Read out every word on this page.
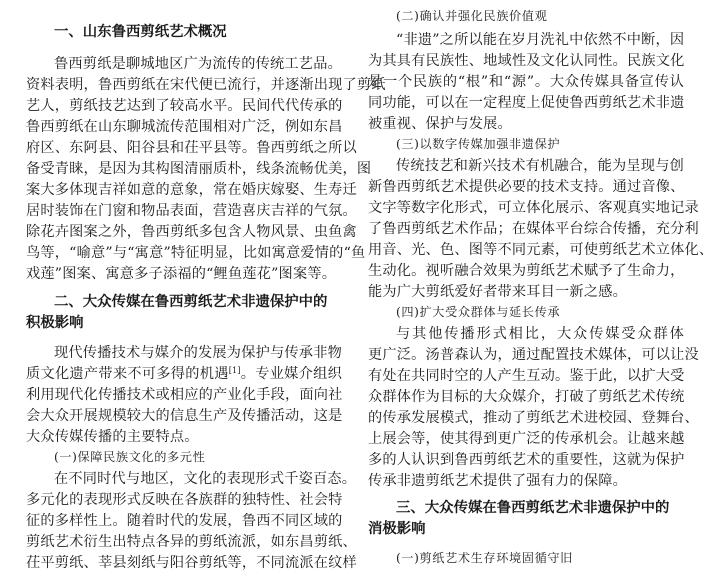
一、山东鲁西剪纸艺术概况
鲁西剪纸是聊城地区广为流传的传统工艺品。
资料表明，鲁西剪纸在宋代便已流行，并逐渐出现了剪纸
艺人，剪纸技艺达到了较高水平。民间代代传承的
鲁西剪纸在山东聊城流传范围相对广泛，例如东昌
府区、东阿县、阳谷县和茌平县等。鲁西剪纸之所以
备受青睐，是因为其构图清丽质朴，线条流畅优美，图
案大多体现吉祥如意的意象，常在婚庆嫁娶、生寿迁
居时装饰在门窗和物品表面，营造喜庆吉祥的气氛。
除花卉图案之外，鲁西剪纸多包含人物风景、虫鱼禽
鸟等，“喻意”与“寓意”特征明显，比如寓意爱情的“鱼
戏莲”图案、寓意多子添福的“鲤鱼莲花”图案等。
二、大众传媒在鲁西剪纸艺术非遗保护中的
积极影响
现代传播技术与媒介的发展为保护与传承非物
质文化遗产带来不可多得的机遇[1]。专业媒介组织
利用现代化传播技术或相应的产业化手段，面向社
会大众开展规模较大的信息生产及传播活动，这是
大众传媒传播的主要特点。
(一)保障民族文化的多元性
在不同时代与地区，文化的表现形式千姿百态。
多元化的表现形式反映在各族群的独特性、社会特
征的多样性上。随着时代的发展，鲁西不同区域的
剪纸艺术衍生出特点各异的剪纸流派，如东昌剪纸、
茌平剪纸、莘县刻纸与阳谷剪纸等，不同流派在纹样
(二)确认并强化民族价值观
“非遗”之所以能在岁月洗礼中依然不中断，因
为其具有民族性、地域性及文化认同性。民族文化
是一个民族的“根”和“源”。大众传媒具备宣传认
同功能，可以在一定程度上促使鲁西剪纸艺术非遗
被重视、保护与发展。
(三)以数字传媒加强非遗保护
传统技艺和新兴技术有机融合，能为呈现与创
新鲁西剪纸艺术提供必要的技术支持。通过音像、
文字等数字化形式，可立体化展示、客观真实地记录
了鲁西剪纸艺术作品；在媒体平台综合传播，充分利
用音、光、色、图等不同元素，可使剪纸艺术立体化、
生动化。视听融合效果为剪纸艺术赋予了生命力，
能为广大剪纸爱好者带来耳目一新之感。
(四)扩大受众群体与延长传承
与其他传播形式相比，大众传媒受众群体
更广泛。汤普森认为，通过配置技术媒体，可以让没
有处在共同时空的人产生互动。鉴于此，以扩大受
众群体作为目标的大众媒介，打破了剪纸艺术传统
的传承发展模式，推动了剪纸艺术进校园、登舞台、
上展会等，使其得到更广泛的传承机会。让越来越
多的人认识到鲁西剪纸艺术的重要性，这就为保护
传承非遗剪纸艺术提供了强有力的保障。
三、大众传媒在鲁西剪纸艺术非遗保护中的
消极影响
(一)剪纸艺术生存环境固循守旧
